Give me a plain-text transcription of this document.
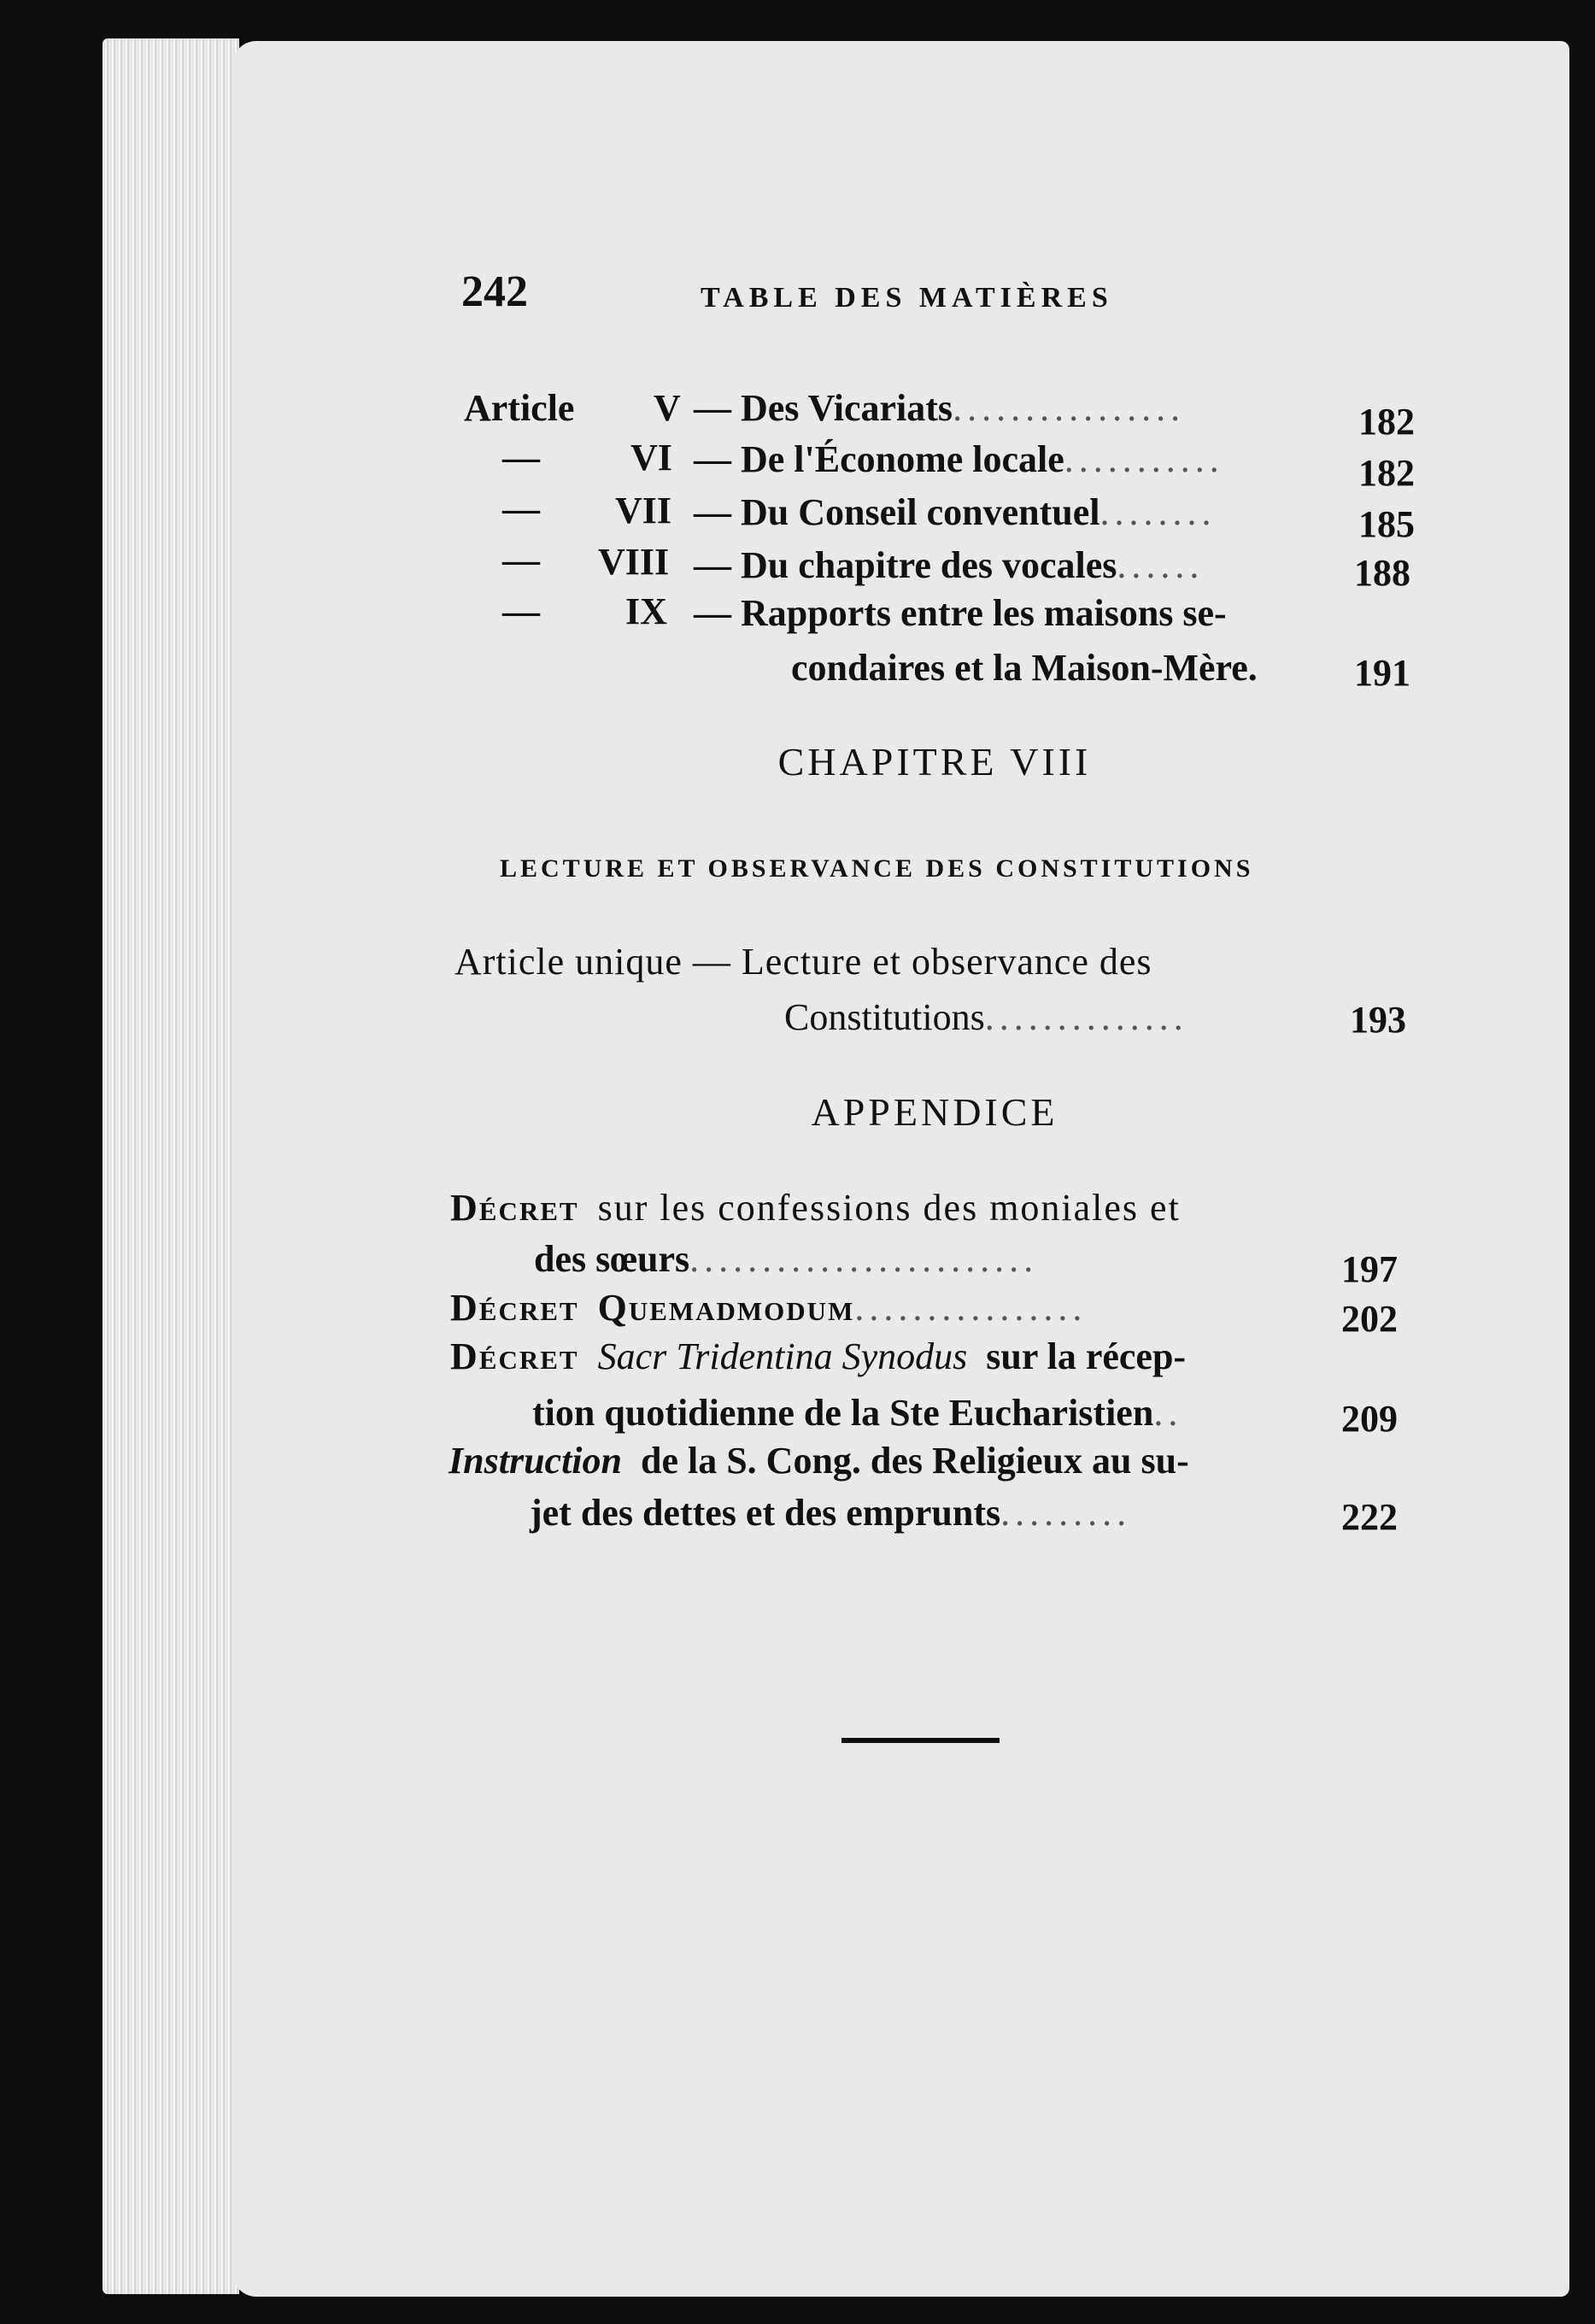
242	TABLE DES MATIÈRES
Article V — Des Vicariats................	182
— VI — De l'Économe locale...........	182
— VII — Du Conseil conventuel........	185
— VIII — Du chapitre des vocales......	188
— IX — Rapports entre les maisons se-
condaires et la Maison-Mère.	191
CHAPITRE VIII
LECTURE ET OBSERVANCE DES CONSTITUTIONS
Article unique — Lecture et observance des
Constitutions..............	193
APPENDICE
Décret sur les confessions des moniales et
des sœurs........................	197
Décret Quemadmodum................	202
Décret Sacr Tridentina Synodus sur la récep-
tion quotidienne de la Ste Eucharistien..	209
Instruction de la S. Cong. des Religieux au su-
jet des dettes et des emprunts.........	222
